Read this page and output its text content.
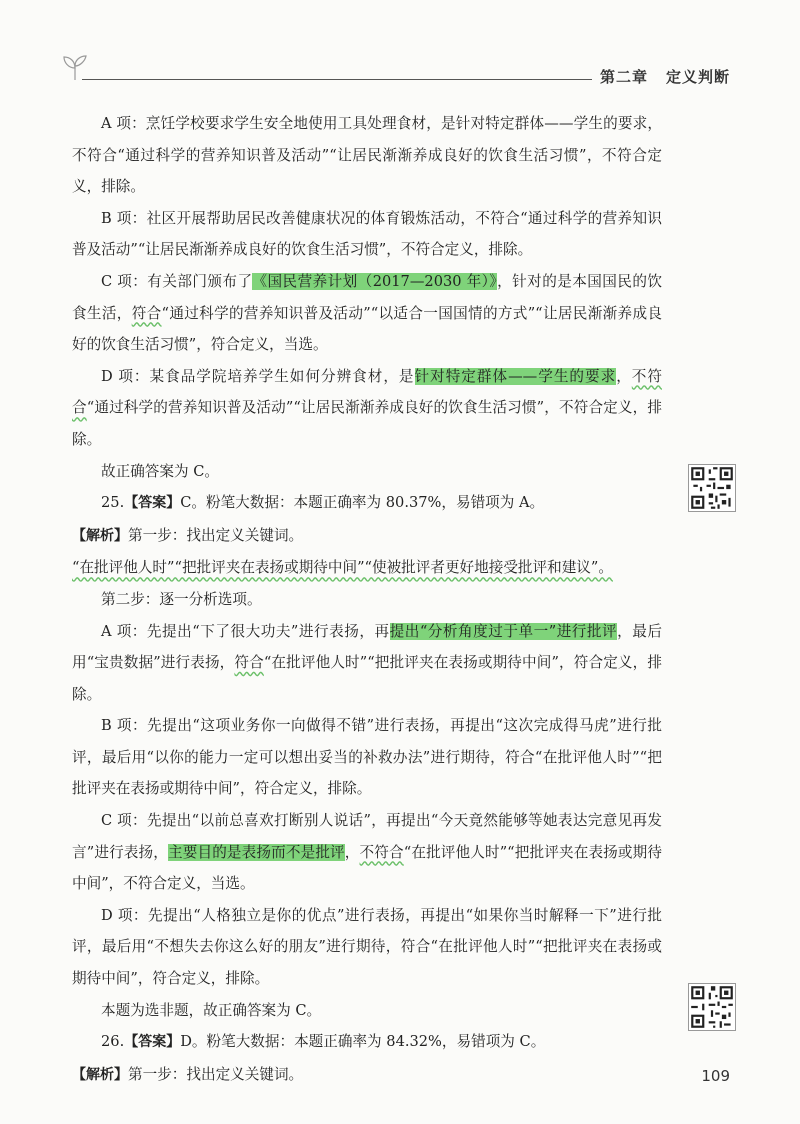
第二章 定义判断

A 项：烹饪学校要求学生安全地使用工具处理食材，是针对特定群体——学生的要求，不符合“通过科学的营养知识普及活动”“让居民渐渐养成良好的饮食生活习惯”，不符合定义，排除。

B 项：社区开展帮助居民改善健康状况的体育锻炼活动，不符合“通过科学的营养知识普及活动”“让居民渐渐养成良好的饮食生活习惯”，不符合定义，排除。

C 项：有关部门颁布了《国民营养计划（2017—2030 年）》，针对的是本国国民的饮食生活，符合“通过科学的营养知识普及活动”“以适合一国国情的方式”“让居民渐渐养成良好的饮食生活习惯”，符合定义，当选。

D 项：某食品学院培养学生如何分辨食材，是针对特定群体——学生的要求，不符合“通过科学的营养知识普及活动”“让居民渐渐养成良好的饮食生活习惯”，不符合定义，排除。

故正确答案为 C。

25.【答案】C。粉笔大数据：本题正确率为 80.37%，易错项为 A。

【解析】第一步：找出定义关键词。

“在批评他人时”“把批评夹在表扬或期待中间”“使被批评者更好地接受批评和建议”。

第二步：逐一分析选项。

A 项：先提出“下了很大功夫”进行表扬，再提出“分析角度过于单一”进行批评，最后用“宝贵数据”进行表扬，符合“在批评他人时”“把批评夹在表扬或期待中间”，符合定义，排除。

B 项：先提出“这项业务你一向做得不错”进行表扬，再提出“这次完成得马虎”进行批评，最后用“以你的能力一定可以想出妥当的补救办法”进行期待，符合“在批评他人时”“把批评夹在表扬或期待中间”，符合定义，排除。

C 项：先提出“以前总喜欢打断别人说话”，再提出“今天竟然能够等她表达完意见再发言”进行表扬，主要目的是表扬而不是批评，不符合“在批评他人时”“把批评夹在表扬或期待中间”，不符合定义，当选。

D 项：先提出“人格独立是你的优点”进行表扬，再提出“如果你当时解释一下”进行批评，最后用“不想失去你这么好的朋友”进行期待，符合“在批评他人时”“把批评夹在表扬或期待中间”，符合定义，排除。

本题为选非题，故正确答案为 C。

26.【答案】D。粉笔大数据：本题正确率为 84.32%，易错项为 C。

【解析】第一步：找出定义关键词。	109
